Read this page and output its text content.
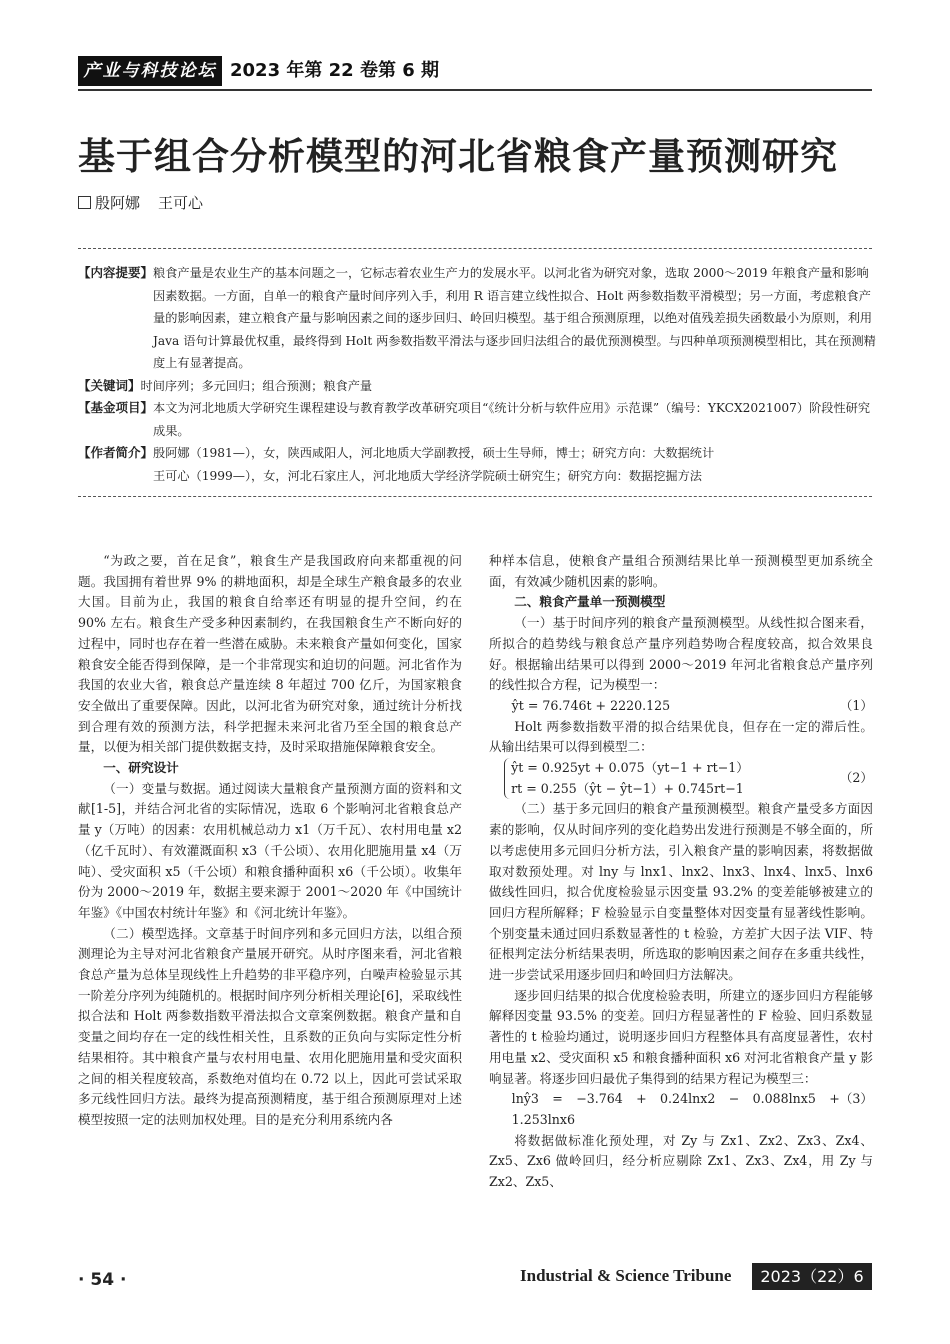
产业与科技论坛 2023 年第 22 卷第 6 期
基于组合分析模型的河北省粮食产量预测研究
殷阿娜 王可心
【内容提要】 粮食产量是农业生产的基本问题之一，它标志着农业生产力的发展水平。以河北省为研究对象，选取 2000～2019 年粮食产量和影响因素数据。一方面，自单一的粮食产量时间序列入手，利用 R 语言建立线性拟合、Holt 两参数指数平滑模型；另一方面，考虑粮食产量的影响因素，建立粮食产量与影响因素之间的逐步回归、岭回归模型。基于组合预测原理，以绝对值残差损失函数最小为原则，利用 Java 语句计算最优权重，最终得到 Holt 两参数指数平滑法与逐步回归法组合的最优预测模型。与四种单项预测模型相比，其在预测精度上有显著提高。
【关键词】 时间序列；多元回归；组合预测；粮食产量
【基金项目】 本文为河北地质大学研究生课程建设与教育教学改革研究项目“《统计分析与软件应用》示范课”（编号：YKCX2021007）阶段性研究成果。
【作者简介】 殷阿娜（1981—），女，陕西咸阳人，河北地质大学副教授，硕士生导师，博士；研究方向：大数据统计
王可心（1999—），女，河北石家庄人，河北地质大学经济学院硕士研究生；研究方向：数据挖掘方法

“为政之要，首在足食”，粮食生产是我国政府向来都重视的问题。我国拥有着世界 9% 的耕地面积，却是全球生产粮食最多的农业大国。目前为止，我国的粮食自给率还有明显的提升空间，约在 90% 左右。粮食生产受多种因素制约，在我国粮食生产不断向好的过程中，同时也存在着一些潜在威胁。未来粮食产量如何变化，国家粮食安全能否得到保障，是一个非常现实和迫切的问题。河北省作为我国的农业大省，粮食总产量连续 8 年超过 700 亿斤，为国家粮食安全做出了重要保障。因此，以河北省为研究对象，通过统计分析找到合理有效的预测方法，科学把握未来河北省乃至全国的粮食总产量，以便为相关部门提供数据支持，及时采取措施保障粮食安全。

一、研究设计

（一）变量与数据。通过阅读大量粮食产量预测方面的资料和文献[1-5]，并结合河北省的实际情况，选取 6 个影响河北省粮食总产量 y（万吨）的因素：农用机械总动力 x1（万千瓦）、农村用电量 x2（亿千瓦时）、有效灌溉面积 x3（千公顷）、农用化肥施用量 x4（万吨）、受灾面积 x5（千公顷）和粮食播种面积 x6（千公顷）。收集年份为 2000～2019 年，数据主要来源于 2001～2020 年《中国统计年鉴》《中国农村统计年鉴》和《河北统计年鉴》。

（二）模型选择。文章基于时间序列和多元回归方法，以组合预测理论为主导对河北省粮食产量展开研究。从时序图来看，河北省粮食总产量为总体呈现线性上升趋势的非平稳序列，白噪声检验显示其一阶差分序列为纯随机的。根据时间序列分析相关理论[6]，采取线性拟合法和 Holt 两参数指数平滑法拟合文章案例数据。粮食产量和自变量之间均存在一定的线性相关性，且系数的正负向与实际定性分析结果相符。其中粮食产量与农村用电量、农用化肥施用量和受灾面积之间的相关程度较高，系数绝对值均在 0.72 以上，因此可尝试采取多元线性回归方法。最终为提高预测精度，基于组合预测原理对上述模型按照一定的法则加权处理。目的是充分利用系统内各

种样本信息，使粮食产量组合预测结果比单一预测模型更加系统全面，有效减少随机因素的影响。

二、粮食产量单一预测模型

（一）基于时间序列的粮食产量预测模型。从线性拟合图来看，所拟合的趋势线与粮食总产量序列趋势吻合程度较高，拟合效果良好。根据输出结果可以得到 2000～2019 年河北省粮食总产量序列的线性拟合方程，记为模型一：

ŷt = 76.746t + 2220.125	（1）

Holt 两参数指数平滑的拟合结果优良，但存在一定的滞后性。从输出结果可以得到模型二：

ŷt = 0.925yt + 0.075（yt−1 + rt−1）
rt = 0.255（ŷt − ŷt−1）+ 0.745rt−1
（2）

（二）基于多元回归的粮食产量预测模型。粮食产量受多方面因素的影响，仅从时间序列的变化趋势出发进行预测是不够全面的，所以考虑使用多元回归分析方法，引入粮食产量的影响因素，将数据做取对数预处理。对 lny 与 lnx1、lnx2、lnx3、lnx4、lnx5、lnx6 做线性回归，拟合优度检验显示因变量 93.2% 的变差能够被建立的回归方程所解释；F 检验显示自变量整体对因变量有显著线性影响。个别变量未通过回归系数显著性的 t 检验，方差扩大因子法 VIF、特征根判定法分析结果表明，所选取的影响因素之间存在多重共线性，进一步尝试采用逐步回归和岭回归方法解决。

逐步回归结果的拟合优度检验表明，所建立的逐步回归方程能够解释因变量 93.5% 的变差。回归方程显著性的 F 检验、回归系数显著性的 t 检验均通过，说明逐步回归方程整体具有高度显著性，农村用电量 x2、受灾面积 x5 和粮食播种面积 x6 对河北省粮食产量 y 影响显著。将逐步回归最优子集得到的结果方程记为模型三：

lnŷ3 = −3.764 + 0.24lnx2 − 0.088lnx5 + 1.253lnx6
（3）

将数据做标准化预处理，对 Zy 与 Zx1、Zx2、Zx3、Zx4、Zx5、Zx6 做岭回归，经分析应剔除 Zx1、Zx3、Zx4，用 Zy 与 Zx2、Zx5、

· 54 ·	Industrial & Science Tribune	2023（22）6
